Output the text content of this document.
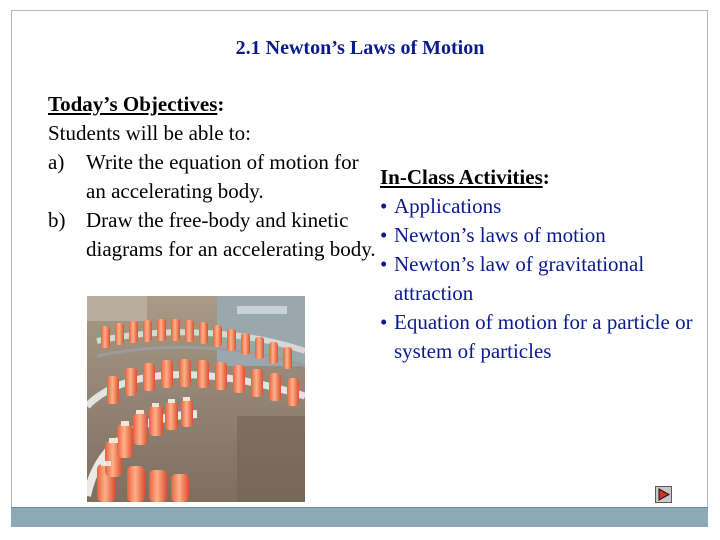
2.1 Newton’s Laws of Motion
Today’s Objectives:
Students will be able to:
a) Write the equation of motion for an accelerating body.
b) Draw the free-body and kinetic diagrams for an accelerating body.
In-Class Activities:
• Applications
• Newton’s laws of motion
• Newton’s law of gravitational attraction
• Equation of motion for a particle or system of particles
